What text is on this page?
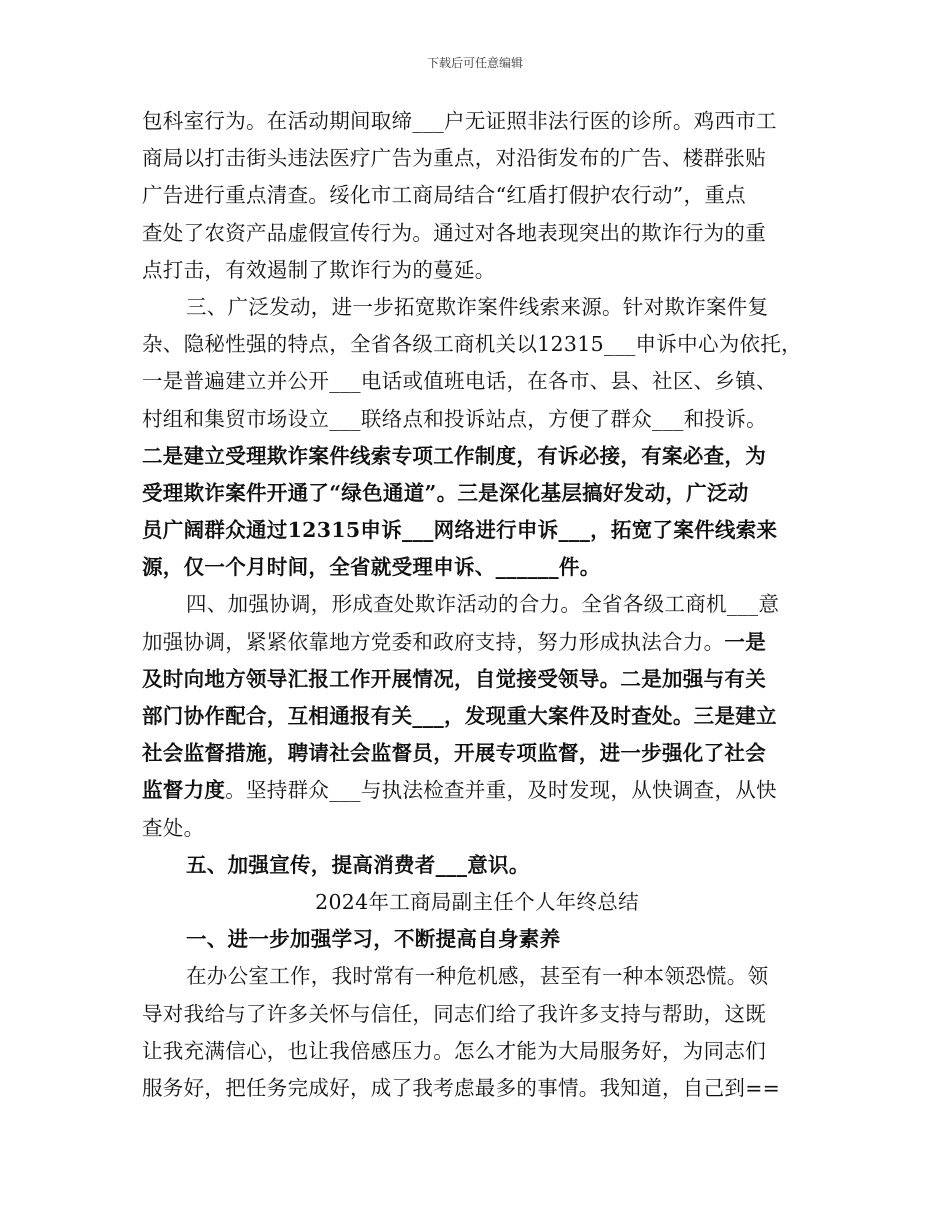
下载后可任意编辑
包科室行为。在活动期间取缔___户无证照非法行医的诊所。鸡西市工
商局以打击街头违法医疗广告为重点，对沿街发布的广告、楼群张贴
广告进行重点清查。绥化市工商局结合“红盾打假护农行动”，重点
查处了农资产品虚假宣传行为。通过对各地表现突出的欺诈行为的重
点打击，有效遏制了欺诈行为的蔓延。
三、广泛发动，进一步拓宽欺诈案件线索来源。针对欺诈案件复
杂、隐秘性强的特点，全省各级工商机关以12315___申诉中心为依托，
一是普遍建立并公开___电话或值班电话，在各市、县、社区、乡镇、
村组和集贸市场设立___联络点和投诉站点，方便了群众___和投诉。
二是建立受理欺诈案件线索专项工作制度，有诉必接，有案必查，为
受理欺诈案件开通了“绿色通道”。三是深化基层搞好发动，广泛动
员广阔群众通过12315申诉___网络进行申诉___，拓宽了案件线索来
源，仅一个月时间，全省就受理申诉、______件。
四、加强协调，形成查处欺诈活动的合力。全省各级工商机___意
加强协调，紧紧依靠地方党委和政府支持，努力形成执法合力。一是
及时向地方领导汇报工作开展情况，自觉接受领导。二是加强与有关
部门协作配合，互相通报有关___，发现重大案件及时查处。三是建立
社会监督措施，聘请社会监督员，开展专项监督，进一步强化了社会
监督力度。坚持群众___与执法检查并重，及时发现，从快调查，从快
查处。
五、加强宣传，提高消费者___意识。
2024年工商局副主任个人年终总结
一、进一步加强学习，不断提高自身素养
在办公室工作，我时常有一种危机感，甚至有一种本领恐慌。领
导对我给与了许多关怀与信任，同志们给了我许多支持与帮助，这既
让我充满信心，也让我倍感压力。怎么才能为大局服务好，为同志们
服务好，把任务完成好，成了我考虑最多的事情。我知道，自己到==
